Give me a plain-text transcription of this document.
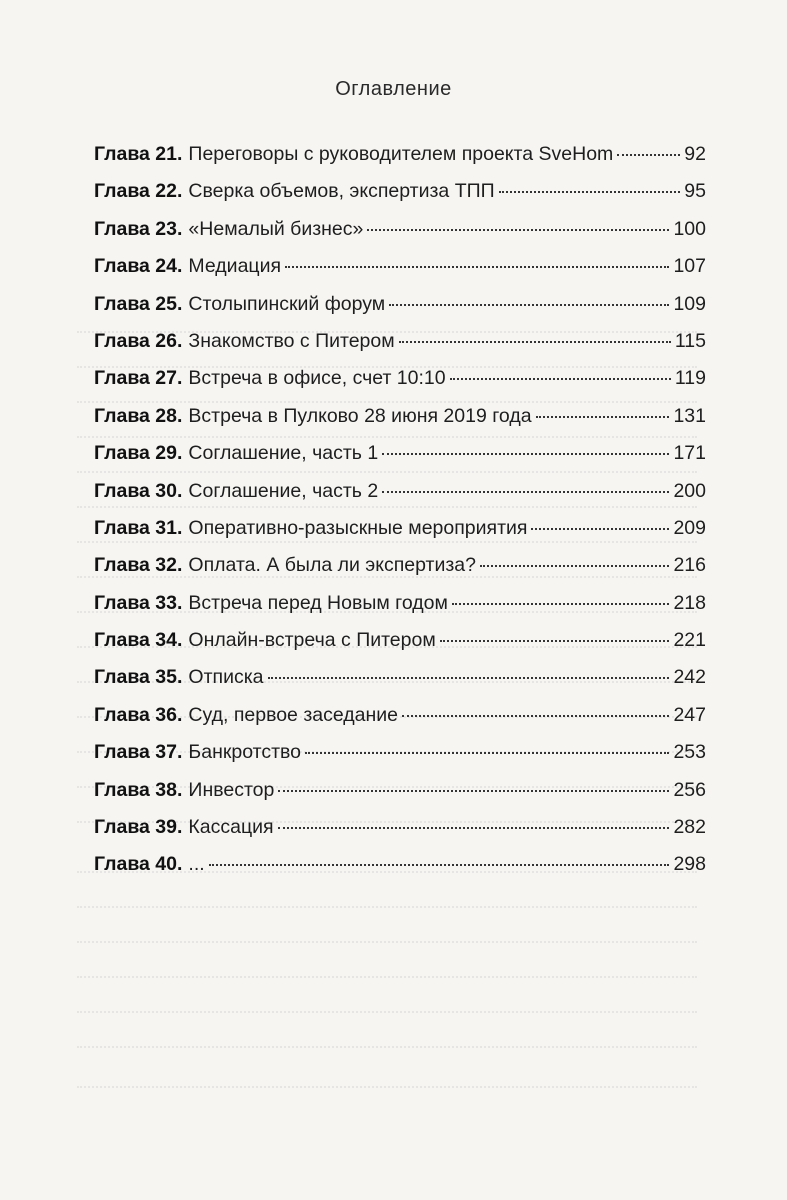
Оглавление
Глава 21. Переговоры с руководителем проекта SveHom	92
Глава 22. Сверка объемов, экспертиза ТПП	95
Глава 23. «Немалый бизнес»	100
Глава 24. Медиация	107
Глава 25. Столыпинский форум	109
Глава 26. Знакомство с Питером	115
Глава 27. Встреча в офисе, счет 10:10	119
Глава 28. Встреча в Пулково 28 июня 2019 года	131
Глава 29. Соглашение, часть 1	171
Глава 30. Соглашение, часть 2	200
Глава 31. Оперативно-разыскные мероприятия	209
Глава 32. Оплата. А была ли экспертиза?	216
Глава 33. Встреча перед Новым годом	218
Глава 34. Онлайн-встреча с Питером	221
Глава 35. Отписка	242
Глава 36. Суд, первое заседание	247
Глава 37. Банкротство	253
Глава 38. Инвестор	256
Глава 39. Кассация	282
Глава 40. ...	298
